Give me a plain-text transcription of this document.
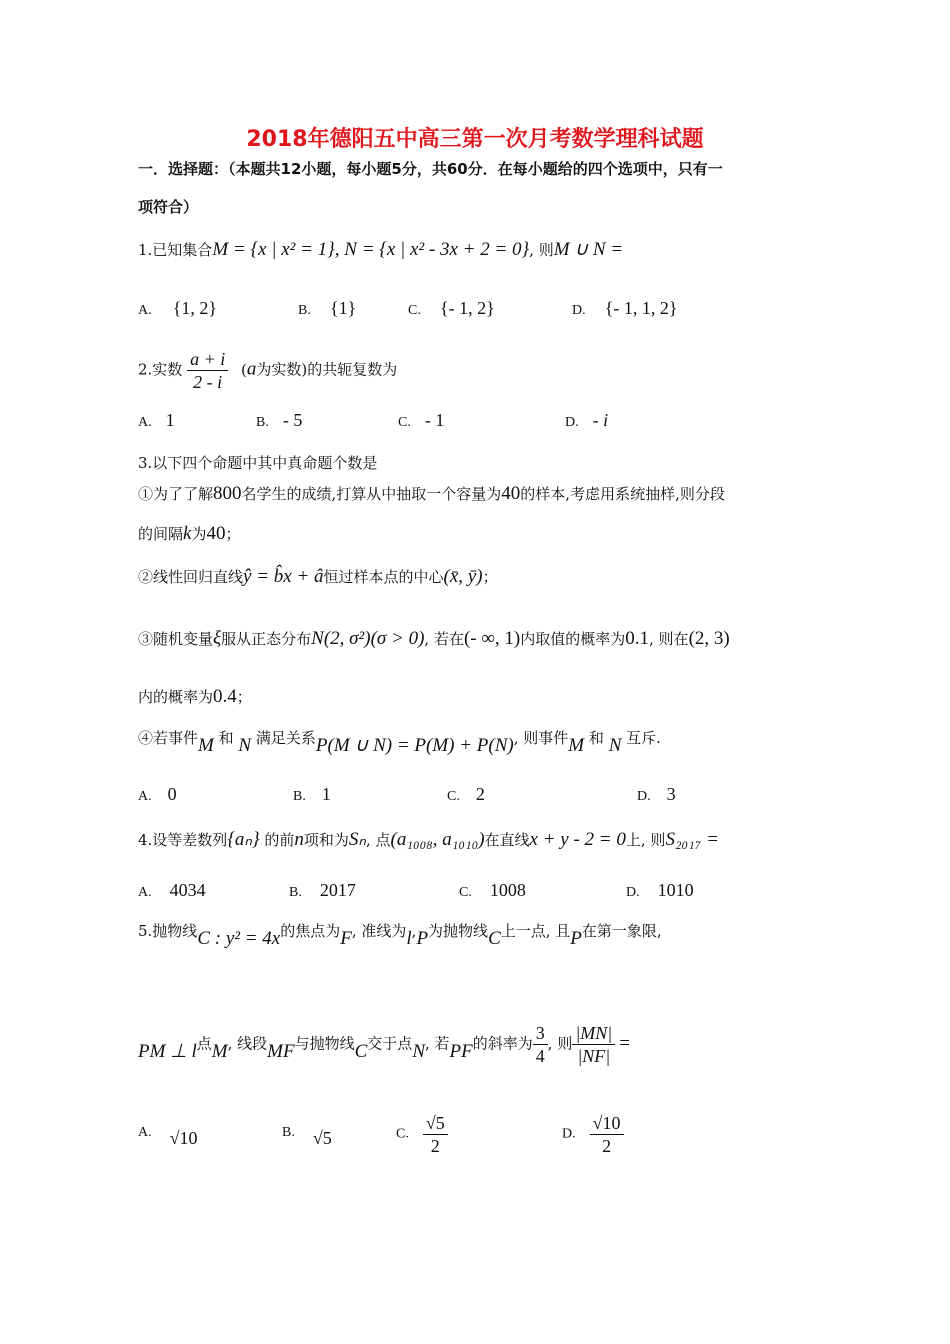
2018年德阳五中高三第一次月考数学理科试题
一．选择题：（本题共12小题，每小题5分，共60分．在每小题给的四个选项中，只有一
项符合）
1.已知集合M = {x | x² = 1}, N = {x | x² - 3x + 2 = 0}, 则M ∪ N =
A. {1, 2}	B. {1}	C. {- 1, 2}	D. {- 1, 1, 2}
2.实数 $\frac{a + i}{2 - i} (a$为实数)的共轭复数为
A. 1	B. - 5	C. - 1	D. - i
3.以下四个命题中其中真命题个数是
①为了了解800名学生的成绩,打算从中抽取一个容量为40的样本,考虑用系统抽样,则分段
的间隔k为40；
②线性回归直线ŷ = b̂x + â恒过样本点的中心(x̄, ȳ)；
③随机变量ξ服从正态分布N(2, σ²)(σ > 0), 若在(- ∞, 1)内取值的概率为0.1, 则在(2, 3)
内的概率为0.4；
④若事件M 和 N 满足关系P(M ∪ N) = P(M) + P(N), 则事件M 和 N 互斥.
A. 0	B. 1	C. 2	D. 3
4.设等差数列{aₙ} 的前n项和为Sₙ, 点(a₁₀₀₈, a₁₀₁₀)在直线x + y - 2 = 0上, 则S₂₀₁₇ =
A. 4034	B. 2017	C. 1008	D. 1010
5.抛物线C : y² = 4x的焦点为F, 准线为l,P为抛物线C上一点, 且P在第一象限,
PM ⊥ l点M, 线段MF与抛物线C交于点N, 若PF的斜率为 $\frac{3}{4}$ , 则 $\frac{|MN|}{|NF|}$ =
A. √10	B. √5	C. $\frac{√5}{2}$	D. $\frac{√10}{2}$
